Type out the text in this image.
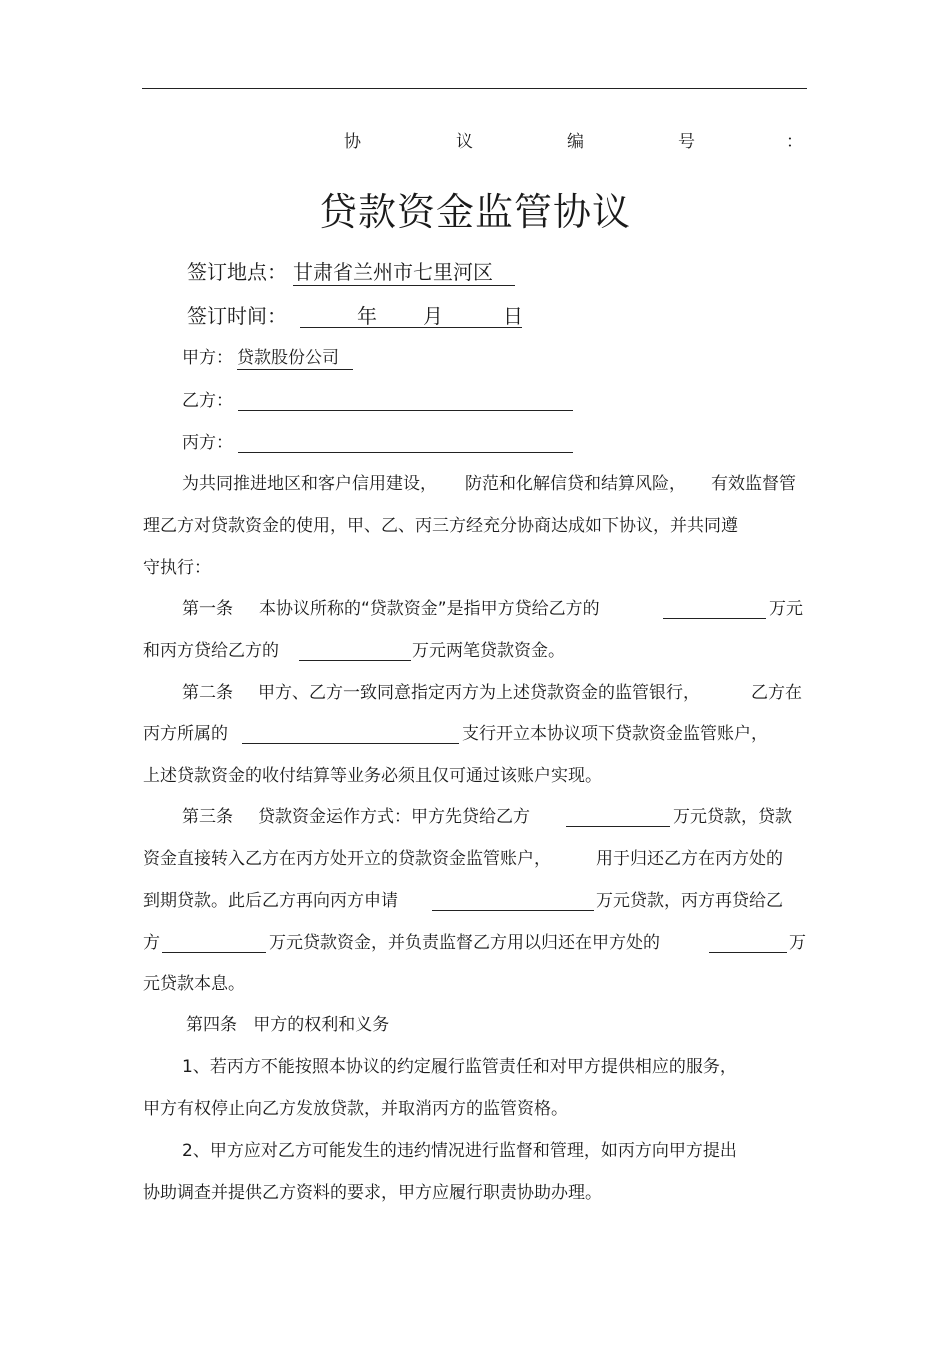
协	议	编	号	：
贷款资金监管协议
签订地点： 甘肃省兰州市七里河区
签订时间：	年 月	日
甲方： 贷款股份公司
乙方：
丙方：
为共同推进地区和客户信用建设， 防范和化解信贷和结算风险， 有效监督管
理乙方对贷款资金的使用，甲、乙、丙三方经充分协商达成如下协议，并共同遵
守执行：
第一条 本协议所称的“贷款资金”是指甲方贷给乙方的	万元
和丙方贷给乙方的	万元两笔贷款资金。
第二条 甲方、乙方一致同意指定丙方为上述贷款资金的监管银行，	乙方在
丙方所属的	支行开立本协议项下贷款资金监管账户，
上述贷款资金的收付结算等业务必须且仅可通过该账户实现。
第三条 贷款资金运作方式：甲方先贷给乙方	万元贷款，贷款
资金直接转入乙方在丙方处开立的贷款资金监管账户，	用于归还乙方在丙方处的
到期贷款。此后乙方再向丙方申请	万元贷款，丙方再贷给乙
方	万元贷款资金，并负责监督乙方用以归还在甲方处的	万
元贷款本息。
第四条   甲方的权利和义务
1、若丙方不能按照本协议的约定履行监管责任和对甲方提供相应的服务，
甲方有权停止向乙方发放贷款，并取消丙方的监管资格。
2、甲方应对乙方可能发生的违约情况进行监督和管理，如丙方向甲方提出
协助调查并提供乙方资料的要求，甲方应履行职责协助办理。
